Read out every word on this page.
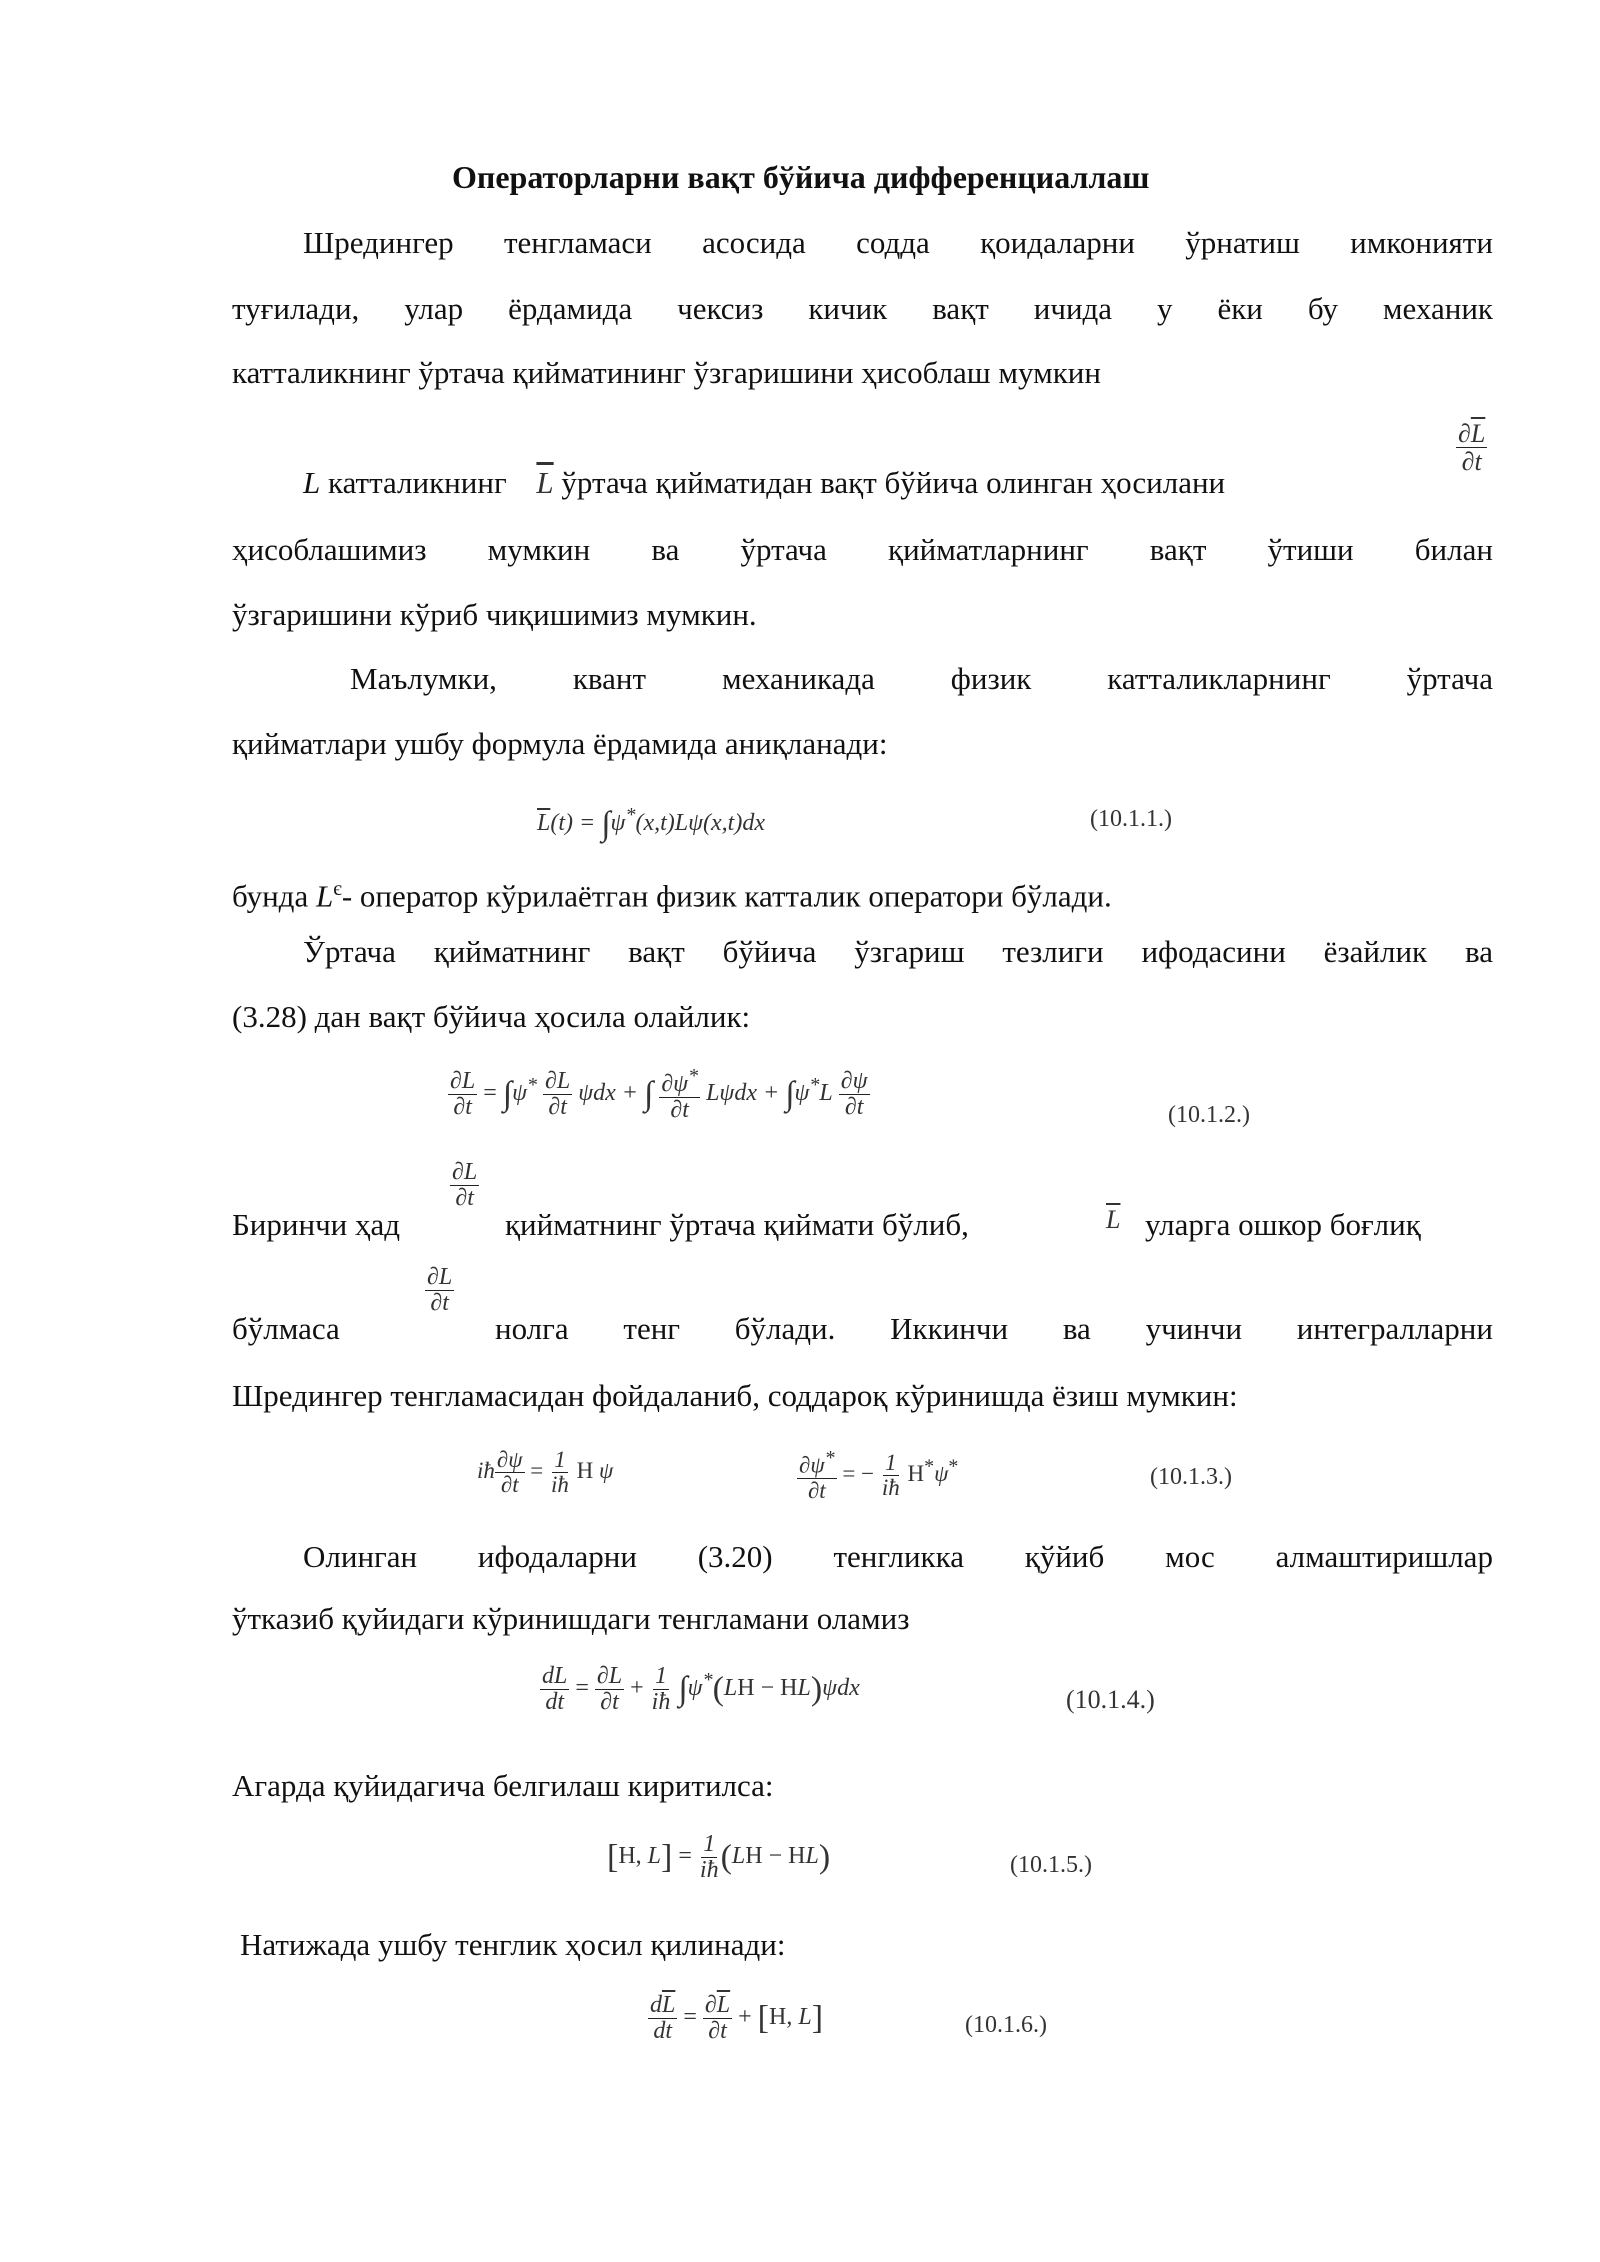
Операторларни вақт бўйича дифференциаллаш
Шредингер тенгламаси асосида содда қоидаларни ўрнатиш имконияти
туғилади, улар ёрдамида чексиз кичик вақт ичида у ёки бу механик
катталикнинг ўртача қийматининг ўзгаришини ҳисоблаш мумкин
L катталикнинг $\overline{L}$ ўртача қийматидан вақт бўйича олинган ҳосилани
$\frac{\partial\overline{L}}{\partial t}$
ҳисоблашимиз мумкин ва ўртача қийматларнинг вақт ўтиши билан
ўзгаришини кўриб чиқишимиз мумкин.
Маълумки, квант механикада физик катталикларнинг ўртача
қийматлари ушбу формула ёрдамида аниқланади:
$\overline{L}(t) = \int\psi^*(x,t)L\psi(x,t)dx$	(10.1.1.)
бунда $L^є-$ оператор кўрилаётган физик катталик оператори бўлади.
Ўртача қийматнинг вақт бўйича ўзгариш тезлиги ифодасини ёзайлик ва
(3.28) дан вақт бўйича ҳосила олайлик:
$\frac{\partial L}{\partial t} = \int\psi^* \frac{\partial L}{\partial t}$ ψdx + ∫ $\frac{\partial\psi^*}{\partial t}$ $L\psi dx + \int\psi^*L \frac{\partial\psi}{\partial t}$	(10.1.2.)
$\frac{\partial L}{\partial t}$
Биринчи ҳад	қийматнинг ўртача қиймати бўлиб,	$\overline{L}$ уларга ошкор боғлиқ
$\frac{\partial L}{\partial t}$
бўлмаса	нолга тенг бўлади. Иккинчи ва учинчи интегралларни
Шредингер тенгламасидан фойдаланиб, соддароқ кўринишда ёзиш мумкин:
iħ $\frac{\partial\psi}{\partial t} = \frac{1}{iħ}$ Н ψ	$\frac{\partial\psi^*}{\partial t}$ = − $\frac{1}{iħ} Н^*\psi^*$	(10.1.3.)
Олинган ифодаларни (3.20) тенгликка қўйиб мос алмаштиришлар
ўтказиб қуйидаги кўринишдаги тенгламани оламиз
$\frac{dL}{dt} = \frac{\partial L}{\partial t} + \frac{1}{iħ} \int\psi^*(LН - НL)\psi dx$	(10.1.4.)
Агарда қуйидагича белгилаш киритилса:
[Н, $L] = \frac{1}{iħ} (LН - НL)$	(10.1.5.)
Натижада ушбу тенглик ҳосил қилинади:
$\frac{d\overline{L}}{dt} = \frac{\partial\overline{L}}{\partial t} + [Н$, L]	(10.1.6.)
